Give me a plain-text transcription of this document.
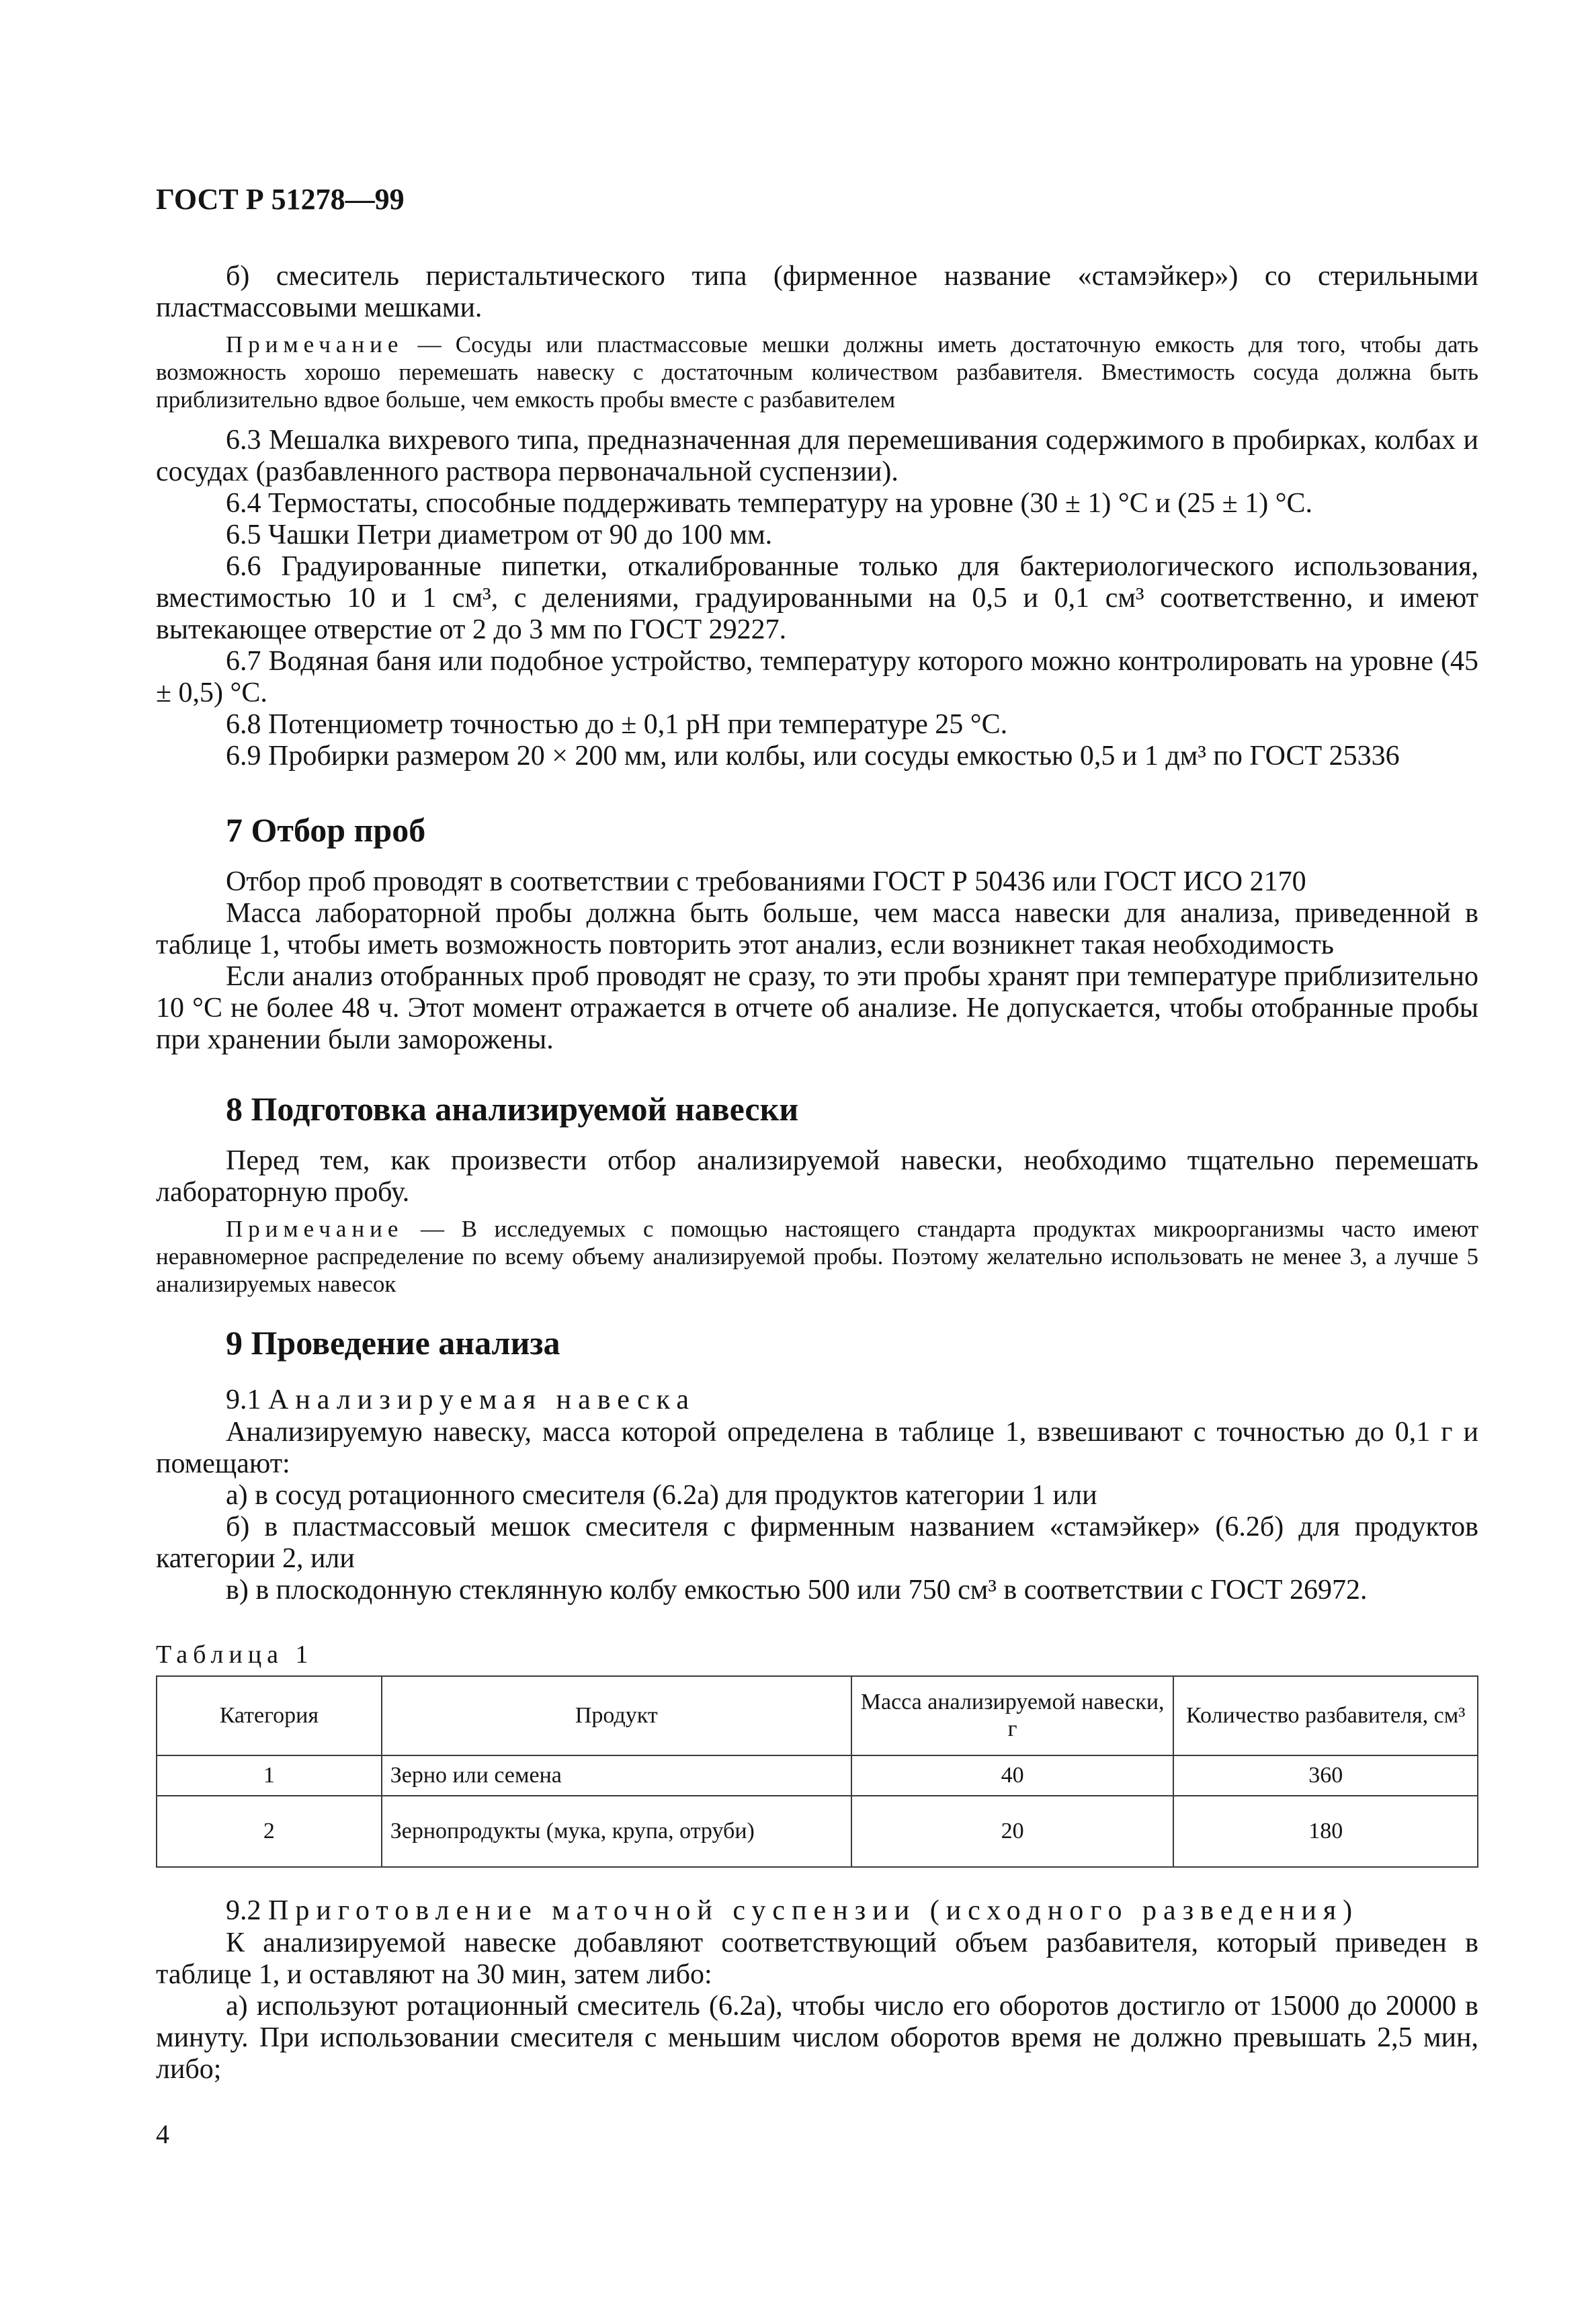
ГОСТ Р 51278—99
б) смеситель перистальтического типа (фирменное название «стамэйкер») со стерильными пластмассовыми мешками.
Примечание — Сосуды или пластмассовые мешки должны иметь достаточную емкость для того, чтобы дать возможность хорошо перемешать навеску с достаточным количеством разбавителя. Вместимость сосуда должна быть приблизительно вдвое больше, чем емкость пробы вместе с разбавителем
6.3 Мешалка вихревого типа, предназначенная для перемешивания содержимого в пробирках, колбах и сосудах (разбавленного раствора первоначальной суспензии).
6.4 Термостаты, способные поддерживать температуру на уровне (30 ± 1) °С и (25 ± 1) °С.
6.5 Чашки Петри диаметром от 90 до 100 мм.
6.6 Градуированные пипетки, откалиброванные только для бактериологического использования, вместимостью 10 и 1 см³, с делениями, градуированными на 0,5 и 0,1 см³ соответственно, и имеют вытекающее отверстие от 2 до 3 мм по ГОСТ 29227.
6.7 Водяная баня или подобное устройство, температуру которого можно контролировать на уровне (45 ± 0,5) °С.
6.8 Потенциометр точностью до ± 0,1 pH при температуре 25 °С.
6.9 Пробирки размером 20 × 200 мм, или колбы, или сосуды емкостью 0,5 и 1 дм³ по ГОСТ 25336
7 Отбор проб
Отбор проб проводят в соответствии с требованиями ГОСТ Р 50436 или ГОСТ ИСО 2170
Масса лабораторной пробы должна быть больше, чем масса навески для анализа, приведенной в таблице 1, чтобы иметь возможность повторить этот анализ, если возникнет такая необходимость
Если анализ отобранных проб проводят не сразу, то эти пробы хранят при температуре приблизительно 10 °С не более 48 ч. Этот момент отражается в отчете об анализе. Не допускается, чтобы отобранные пробы при хранении были заморожены.
8 Подготовка анализируемой навески
Перед тем, как произвести отбор анализируемой навески, необходимо тщательно перемешать лабораторную пробу.
Примечание — В исследуемых с помощью настоящего стандарта продуктах микроорганизмы часто имеют неравномерное распределение по всему объему анализируемой пробы. Поэтому желательно использовать не менее 3, а лучше 5 анализируемых навесок
9 Проведение анализа
9.1 Анализируемая навеска
Анализируемую навеску, масса которой определена в таблице 1, взвешивают с точностью до 0,1 г и помещают:
а) в сосуд ротационного смесителя (6.2а) для продуктов категории 1 или
б) в пластмассовый мешок смесителя с фирменным названием «стамэйкер» (6.2б) для продуктов категории 2, или
в) в плоскодонную стеклянную колбу емкостью 500 или 750 см³ в соответствии с ГОСТ 26972.
Таблица 1
Категория	Продукт	Масса анализируемой навески, г	Количество разбавителя, см³
1	Зерно или семена	40	360
2	Зернопродукты (мука, крупа, отруби)	20	180
9.2 Приготовление маточной суспензии (исходного разведения)
К анализируемой навеске добавляют соответствующий объем разбавителя, который приведен в таблице 1, и оставляют на 30 мин, затем либо:
а) используют ротационный смеситель (6.2а), чтобы число его оборотов достигло от 15000 до 20000 в минуту. При использовании смесителя с меньшим числом оборотов время не должно превышать 2,5 мин, либо;
4
